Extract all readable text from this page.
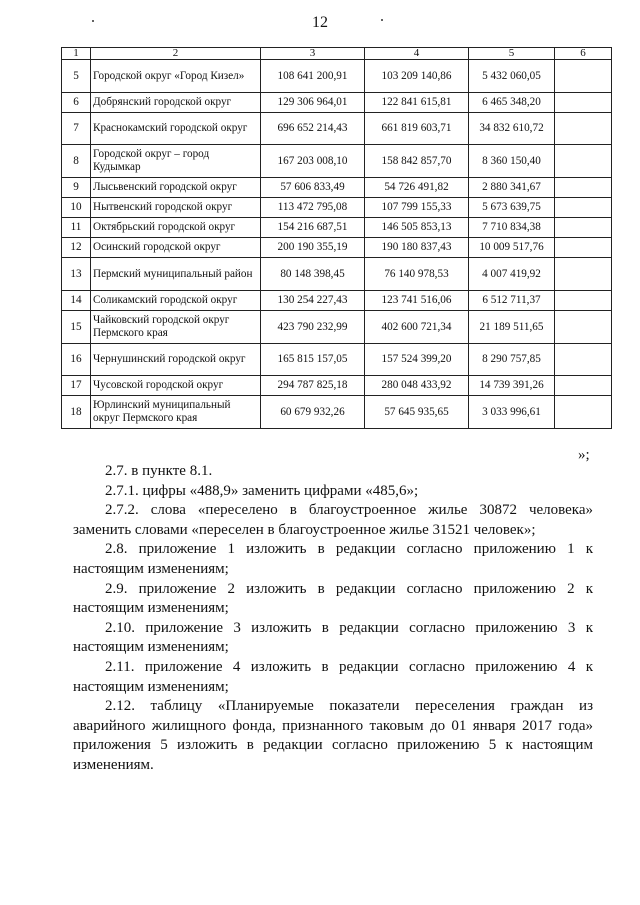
12
1	2	3	4	5	6
5	Городской округ «Город Кизел»	108 641 200,91	103 209 140,86	5 432 060,05	
6	Добрянский городской округ	129 306 964,01	122 841 615,81	6 465 348,20	
7	Краснокамский городской округ	696 652 214,43	661 819 603,71	34 832 610,72	
8	Городской округ – город Кудымкар	167 203 008,10	158 842 857,70	8 360 150,40	
9	Лысьвенский городской округ	57 606 833,49	54 726 491,82	2 880 341,67	
10	Нытвенский городской округ	113 472 795,08	107 799 155,33	5 673 639,75	
11	Октябрьский городской округ	154 216 687,51	146 505 853,13	7 710 834,38	
12	Осинский городской округ	200 190 355,19	190 180 837,43	10 009 517,76	
13	Пермский муниципальный район	80 148 398,45	76 140 978,53	4 007 419,92	
14	Соликамский городской округ	130 254 227,43	123 741 516,06	6 512 711,37	
15	Чайковский городской округ Пермского края	423 790 232,99	402 600 721,34	21 189 511,65	
16	Чернушинский городской округ	165 815 157,05	157 524 399,20	8 290 757,85	
17	Чусовской городской округ	294 787 825,18	280 048 433,92	14 739 391,26	
18	Юрлинский муниципальный округ Пермского края	60 679 932,26	57 645 935,65	3 033 996,61	
»;

2.7. в пункте 8.1.

2.7.1. цифры «488,9» заменить цифрами «485,6»;

2.7.2. слова «переселено в благоустроенное жилье 30872 человека» заменить словами «переселен в благоустроенное жилье 31521 человек»;

2.8. приложение 1 изложить в редакции согласно приложению 1 к настоящим изменениям;

2.9. приложение 2 изложить в редакции согласно приложению 2 к настоящим изменениям;

2.10. приложение 3 изложить в редакции согласно приложению 3 к настоящим изменениям;

2.11. приложение 4 изложить в редакции согласно приложению 4 к настоящим изменениям;

2.12. таблицу «Планируемые показатели переселения граждан из аварийного жилищного фонда, признанного таковым до 01 января 2017 года» приложения 5 изложить в редакции согласно приложению 5 к настоящим изменениям.
